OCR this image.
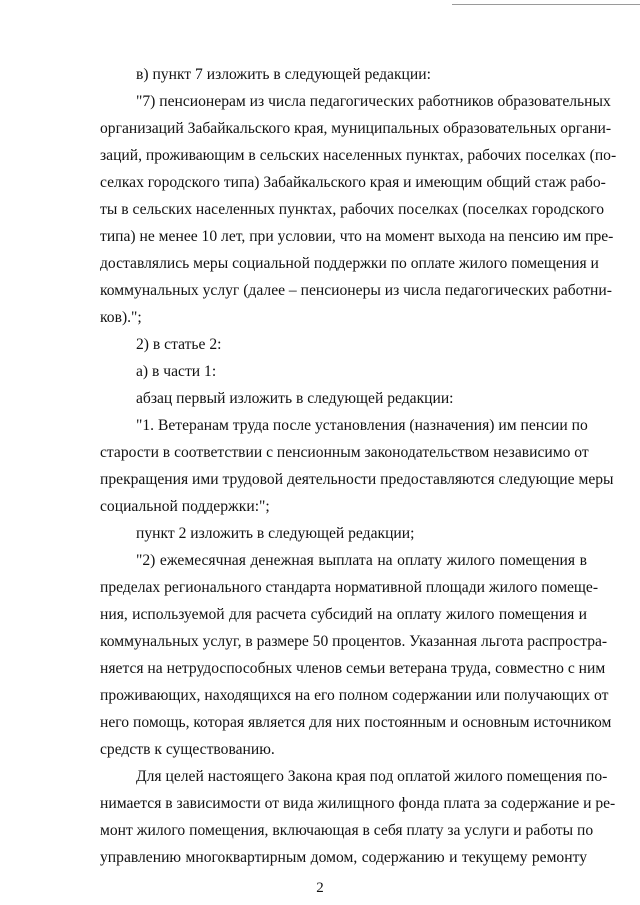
в) пункт 7 изложить в следующей редакции:
"7) пенсионерам из числа педагогических работников образовательных
организаций Забайкальского края, муниципальных образовательных органи-
заций, проживающим в сельских населенных пунктах, рабочих поселках (по-
селках городского типа) Забайкальского края и имеющим общий стаж рабо-
ты в сельских населенных пунктах, рабочих поселках (поселках городского
типа) не менее 10 лет, при условии, что на момент выхода на пенсию им пре-
доставлялись меры социальной поддержки по оплате жилого помещения и
коммунальных услуг (далее – пенсионеры из числа педагогических работни-
ков).";
2) в статье 2:
а) в части 1:
абзац первый изложить в следующей редакции:
"1. Ветеранам труда после установления (назначения) им пенсии по
старости в соответствии с пенсионным законодательством независимо от
прекращения ими трудовой деятельности предоставляются следующие меры
социальной поддержки:";
пункт 2 изложить в следующей редакции;
"2) ежемесячная денежная выплата на оплату жилого помещения в
пределах регионального стандарта нормативной площади жилого помеще-
ния, используемой для расчета субсидий на оплату жилого помещения и
коммунальных услуг, в размере 50 процентов. Указанная льгота распростра-
няется на нетрудоспособных членов семьи ветерана труда, совместно с ним
проживающих, находящихся на его полном содержании или получающих от
него помощь, которая является для них постоянным и основным источником
средств к существованию.
Для целей настоящего Закона края под оплатой жилого помещения по-
нимается в зависимости от вида жилищного фонда плата за содержание и ре-
монт жилого помещения, включающая в себя плату за услуги и работы по
управлению многоквартирным домом, содержанию и текущему ремонту
2
